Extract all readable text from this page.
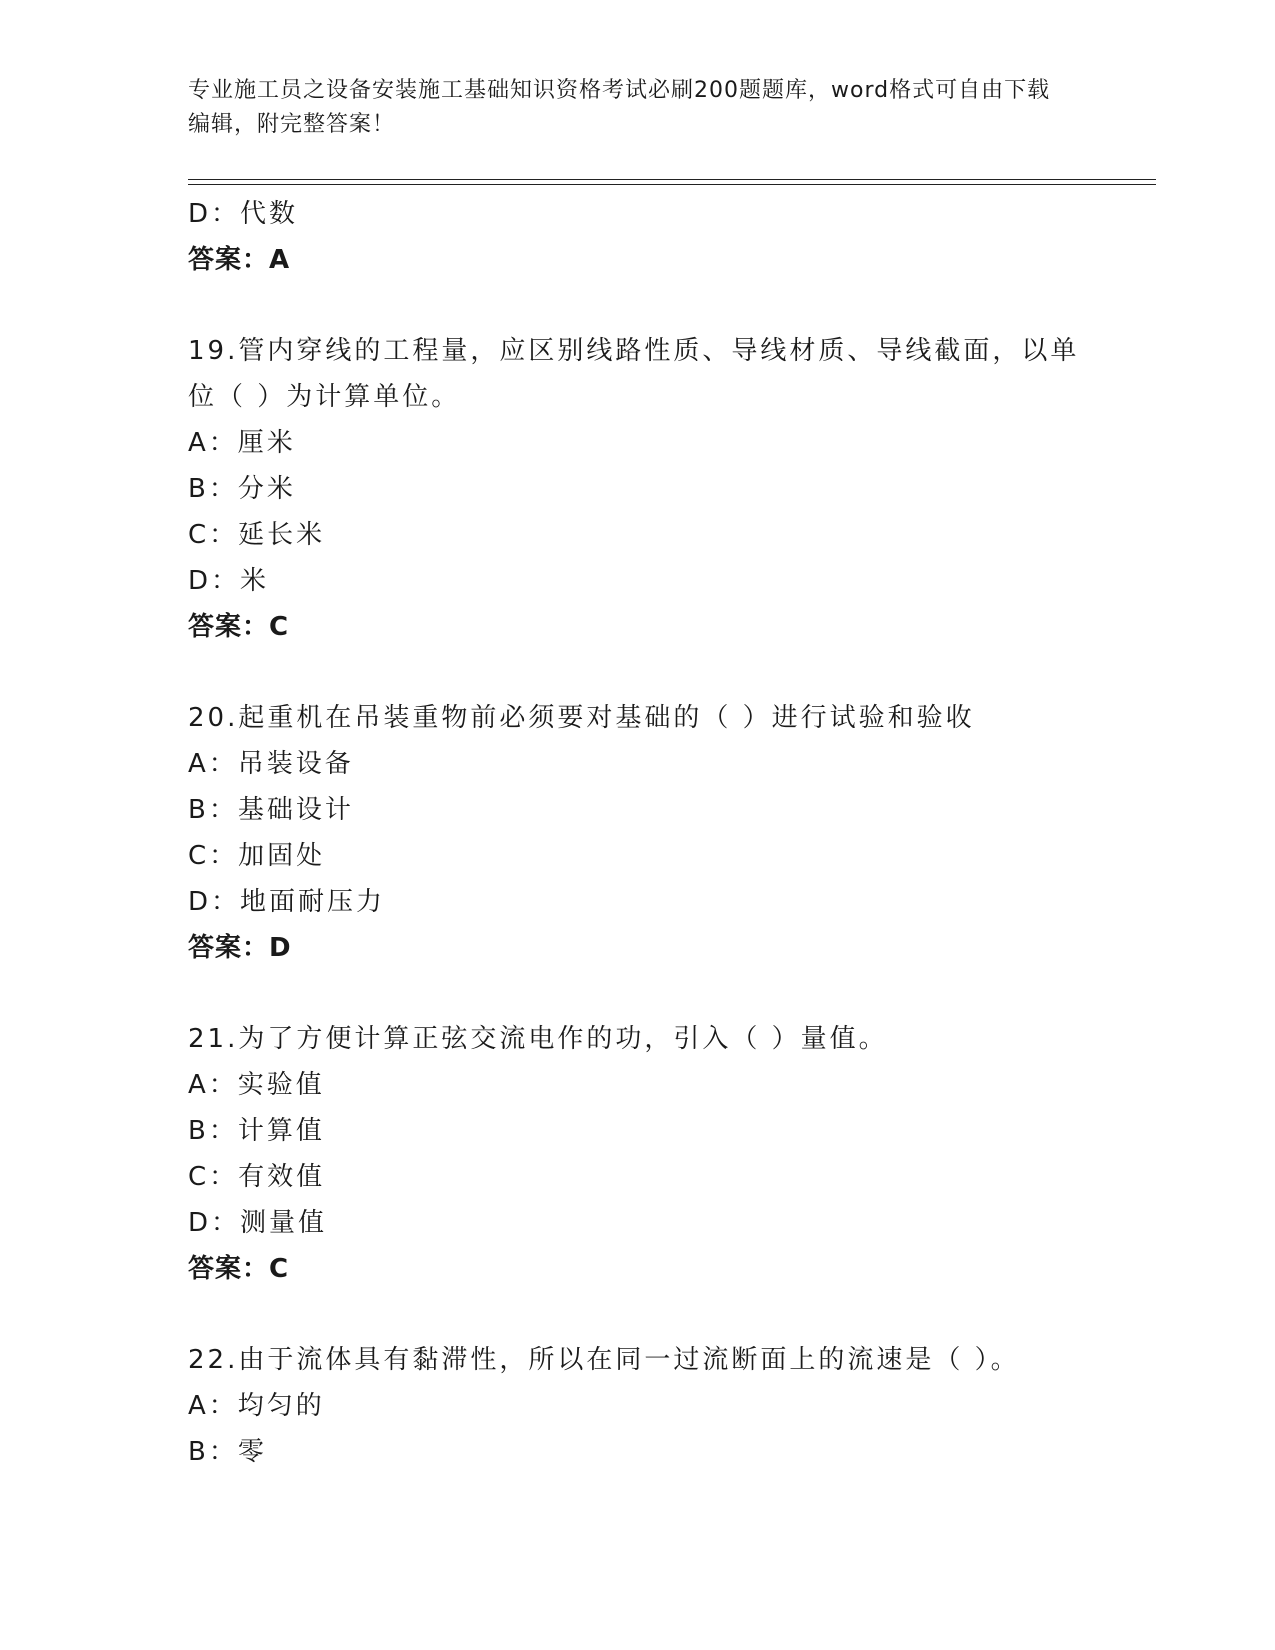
专业施工员之设备安装施工基础知识资格考试必刷200题题库，word格式可自由下载编辑，附完整答案！
D：代数
答案：A
19.管内穿线的工程量，应区别线路性质、导线材质、导线截面，以单
位（ ）为计算单位。
A：厘米
B：分米
C：延长米
D：米
答案：C
20.起重机在吊装重物前必须要对基础的（ ）进行试验和验收
A：吊装设备
B：基础设计
C：加固处
D：地面耐压力
答案：D
21.为了方便计算正弦交流电作的功，引入（ ）量值。
A：实验值
B：计算值
C：有效值
D：测量值
答案：C
22.由于流体具有黏滞性，所以在同一过流断面上的流速是（ ）。
A：均匀的
B：零
